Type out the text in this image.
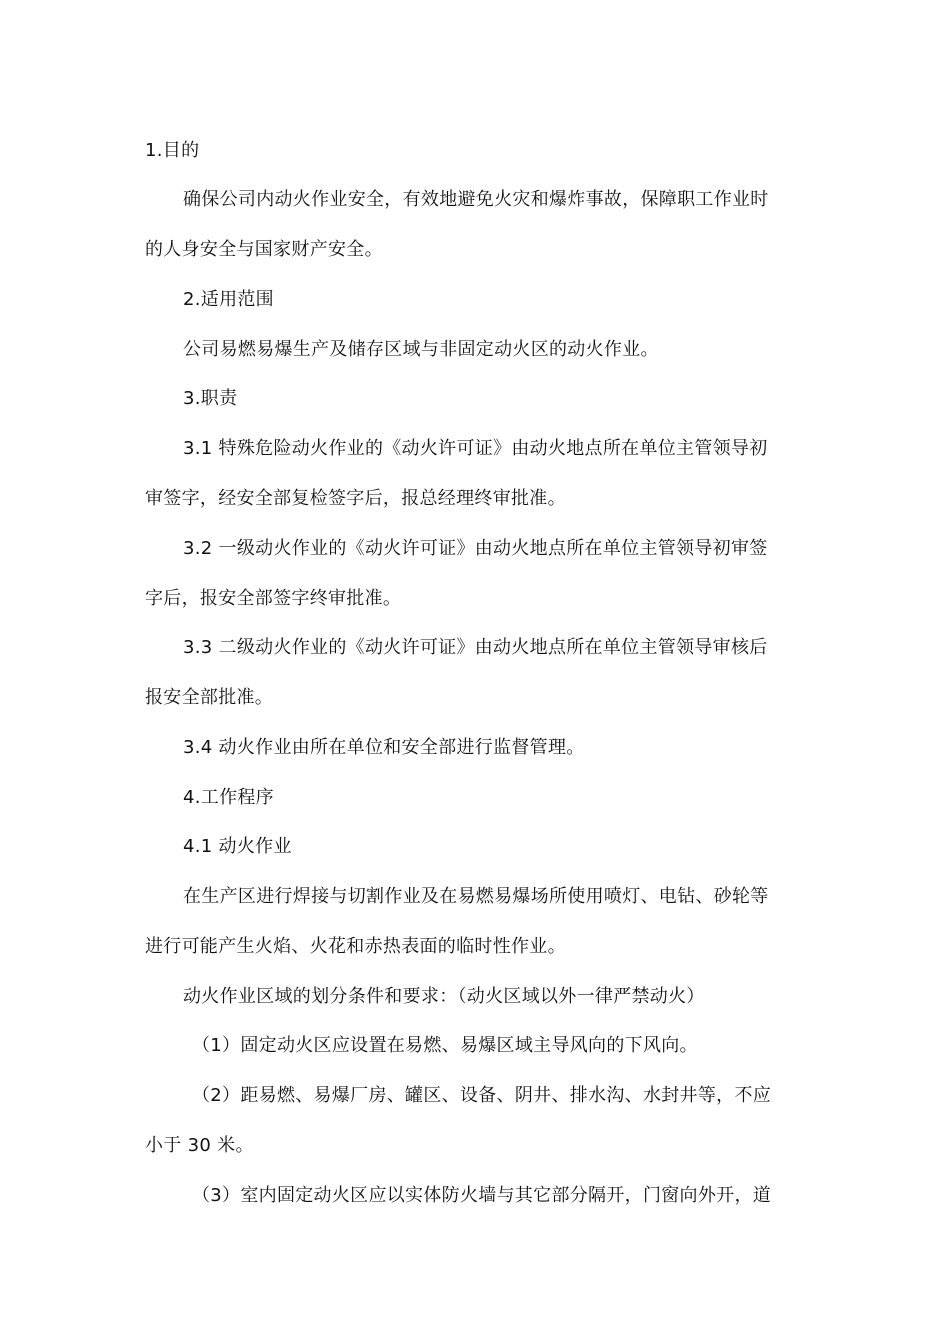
1.目的
确保公司内动火作业安全，有效地避免火灾和爆炸事故，保障职工作业时
的人身安全与国家财产安全。
2.适用范围
公司易燃易爆生产及储存区域与非固定动火区的动火作业。
3.职责
3.1 特殊危险动火作业的《动火许可证》由动火地点所在单位主管领导初
审签字，经安全部复检签字后，报总经理终审批准。
3.2 一级动火作业的《动火许可证》由动火地点所在单位主管领导初审签
字后，报安全部签字终审批准。
3.3 二级动火作业的《动火许可证》由动火地点所在单位主管领导审核后
报安全部批准。
3.4 动火作业由所在单位和安全部进行监督管理。
4.工作程序
4.1 动火作业
在生产区进行焊接与切割作业及在易燃易爆场所使用喷灯、电钻、砂轮等
进行可能产生火焰、火花和赤热表面的临时性作业。
动火作业区域的划分条件和要求：（动火区域以外一律严禁动火）
（1）固定动火区应设置在易燃、易爆区域主导风向的下风向。
（2）距易燃、易爆厂房、罐区、设备、阴井、排水沟、水封井等，不应
小于 30 米。
（3）室内固定动火区应以实体防火墙与其它部分隔开，门窗向外开，道
